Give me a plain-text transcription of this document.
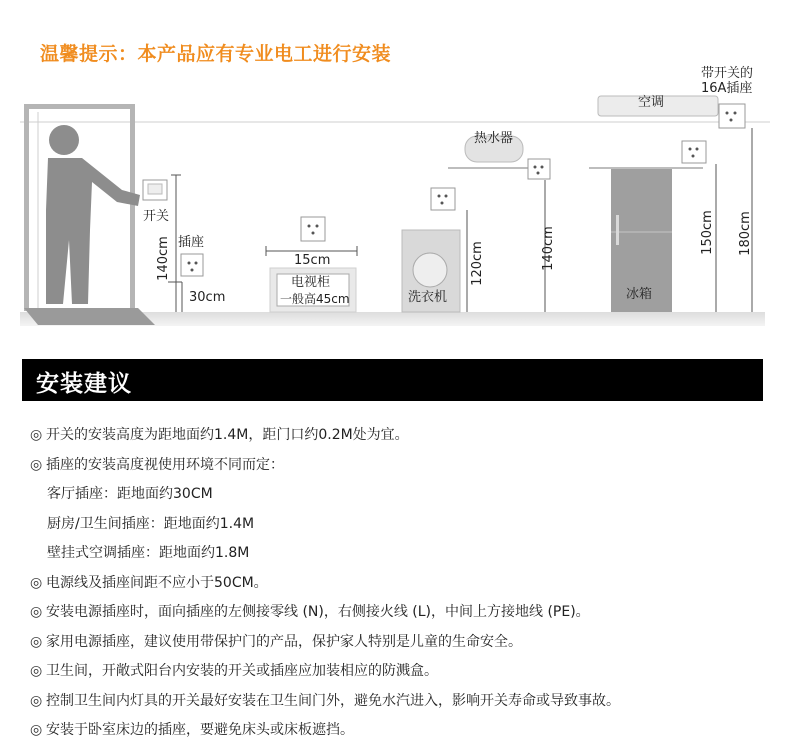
温馨提示：本产品应有专业电工进行安装
开关
插座
140cm
30cm
15cm
电视柜
一般高45cm	洗衣机
120cm
热水器
140cm
冰箱
150cm 180cm
空调
带开关的
16A插座
安装建议
◎ 开关的安装高度为距地面约1.4M，距门口约0.2M处为宜。
◎ 插座的安装高度视使用环境不同而定：
客厅插座：距地面约30CM
厨房/卫生间插座：距地面约1.4M
壁挂式空调插座：距地面约1.8M
◎ 电源线及插座间距不应小于50CM。
◎ 安装电源插座时，面向插座的左侧接零线 (N)，右侧接火线 (L)，中间上方接地线 (PE)。
◎ 家用电源插座，建议使用带保护门的产品，保护家人特别是儿童的生命安全。
◎ 卫生间，开敞式阳台内安装的开关或插座应加装相应的防溅盒。
◎ 控制卫生间内灯具的开关最好安装在卫生间门外，避免水汽进入，影响开关寿命或导致事故。
◎ 安装于卧室床边的插座，要避免床头或床板遮挡。
